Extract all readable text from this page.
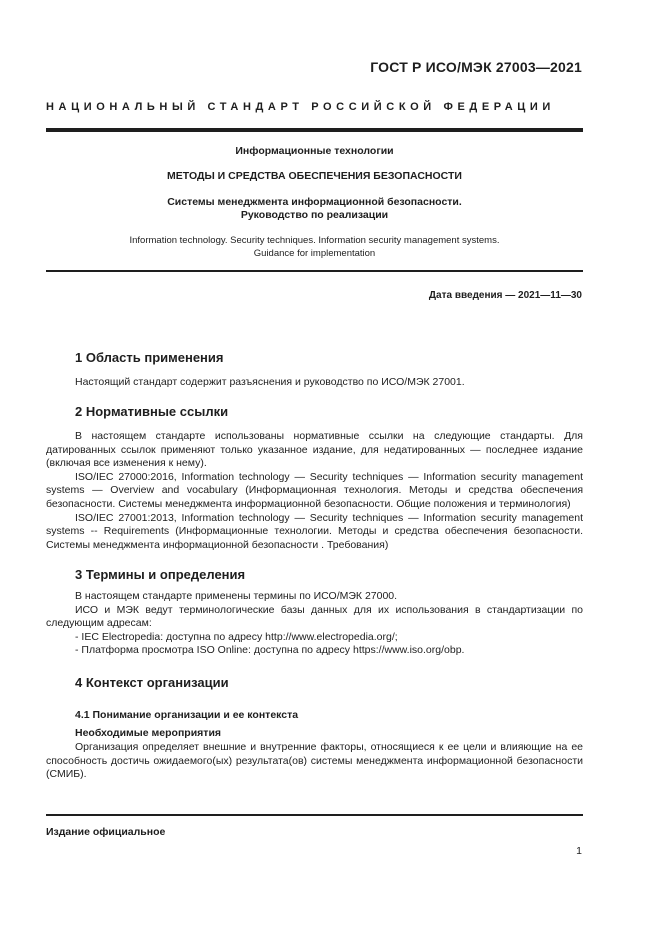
ГОСТ Р ИСО/МЭК 27003—2021
НАЦИОНАЛЬНЫЙ СТАНДАРТ РОССИЙСКОЙ ФЕДЕРАЦИИ
Информационные технологии
МЕТОДЫ И СРЕДСТВА ОБЕСПЕЧЕНИЯ БЕЗОПАСНОСТИ
Системы менеджмента информационной безопасности.
Руководство по реализации
Information technology. Security techniques. Information security management systems.
Guidance for implementation
Дата введения — 2021—11—30
1 Область применения

Настоящий стандарт содержит разъяснения и руководство по ИСО/МЭК 27001.

2 Нормативные ссылки

В настоящем стандарте использованы нормативные ссылки на следующие стандарты. Для датированных ссылок применяют только указанное издание, для недатированных — последнее издание (включая все изменения к нему).

ISO/IEC 27000:2016, Information technology — Security techniques — Information security management systems — Overview and vocabulary (Информационная технология. Методы и средства обеспечения безопасности. Системы менеджмента информационной безопасности. Общие положения и терминология)

ISO/IEC 27001:2013, Information technology — Security techniques — Information security management systems -- Requirements (Информационные технологии. Методы и средства обеспечения безопасности. Системы менеджмента информационной безопасности . Требования)

3 Термины и определения

В настоящем стандарте применены термины по ИСО/МЭК 27000.

ИСО и МЭК ведут терминологические базы данных для их использования в стандартизации по следующим адресам:

- IEC Electropedia: доступна по адресу http://www.electropedia.org/;

- Платформа просмотра ISO Online: доступна по адресу https://www.iso.org/obp.

4 Контекст организации
4.1 Понимание организации и ее контекста
Необходимые мероприятия

Организация определяет внешние и внутренние факторы, относящиеся к ее цели и влияющие на ее способность достичь ожидаемого(ых) результата(ов) системы менеджмента информационной безопасности (СМИБ).

Издание официальное
1
